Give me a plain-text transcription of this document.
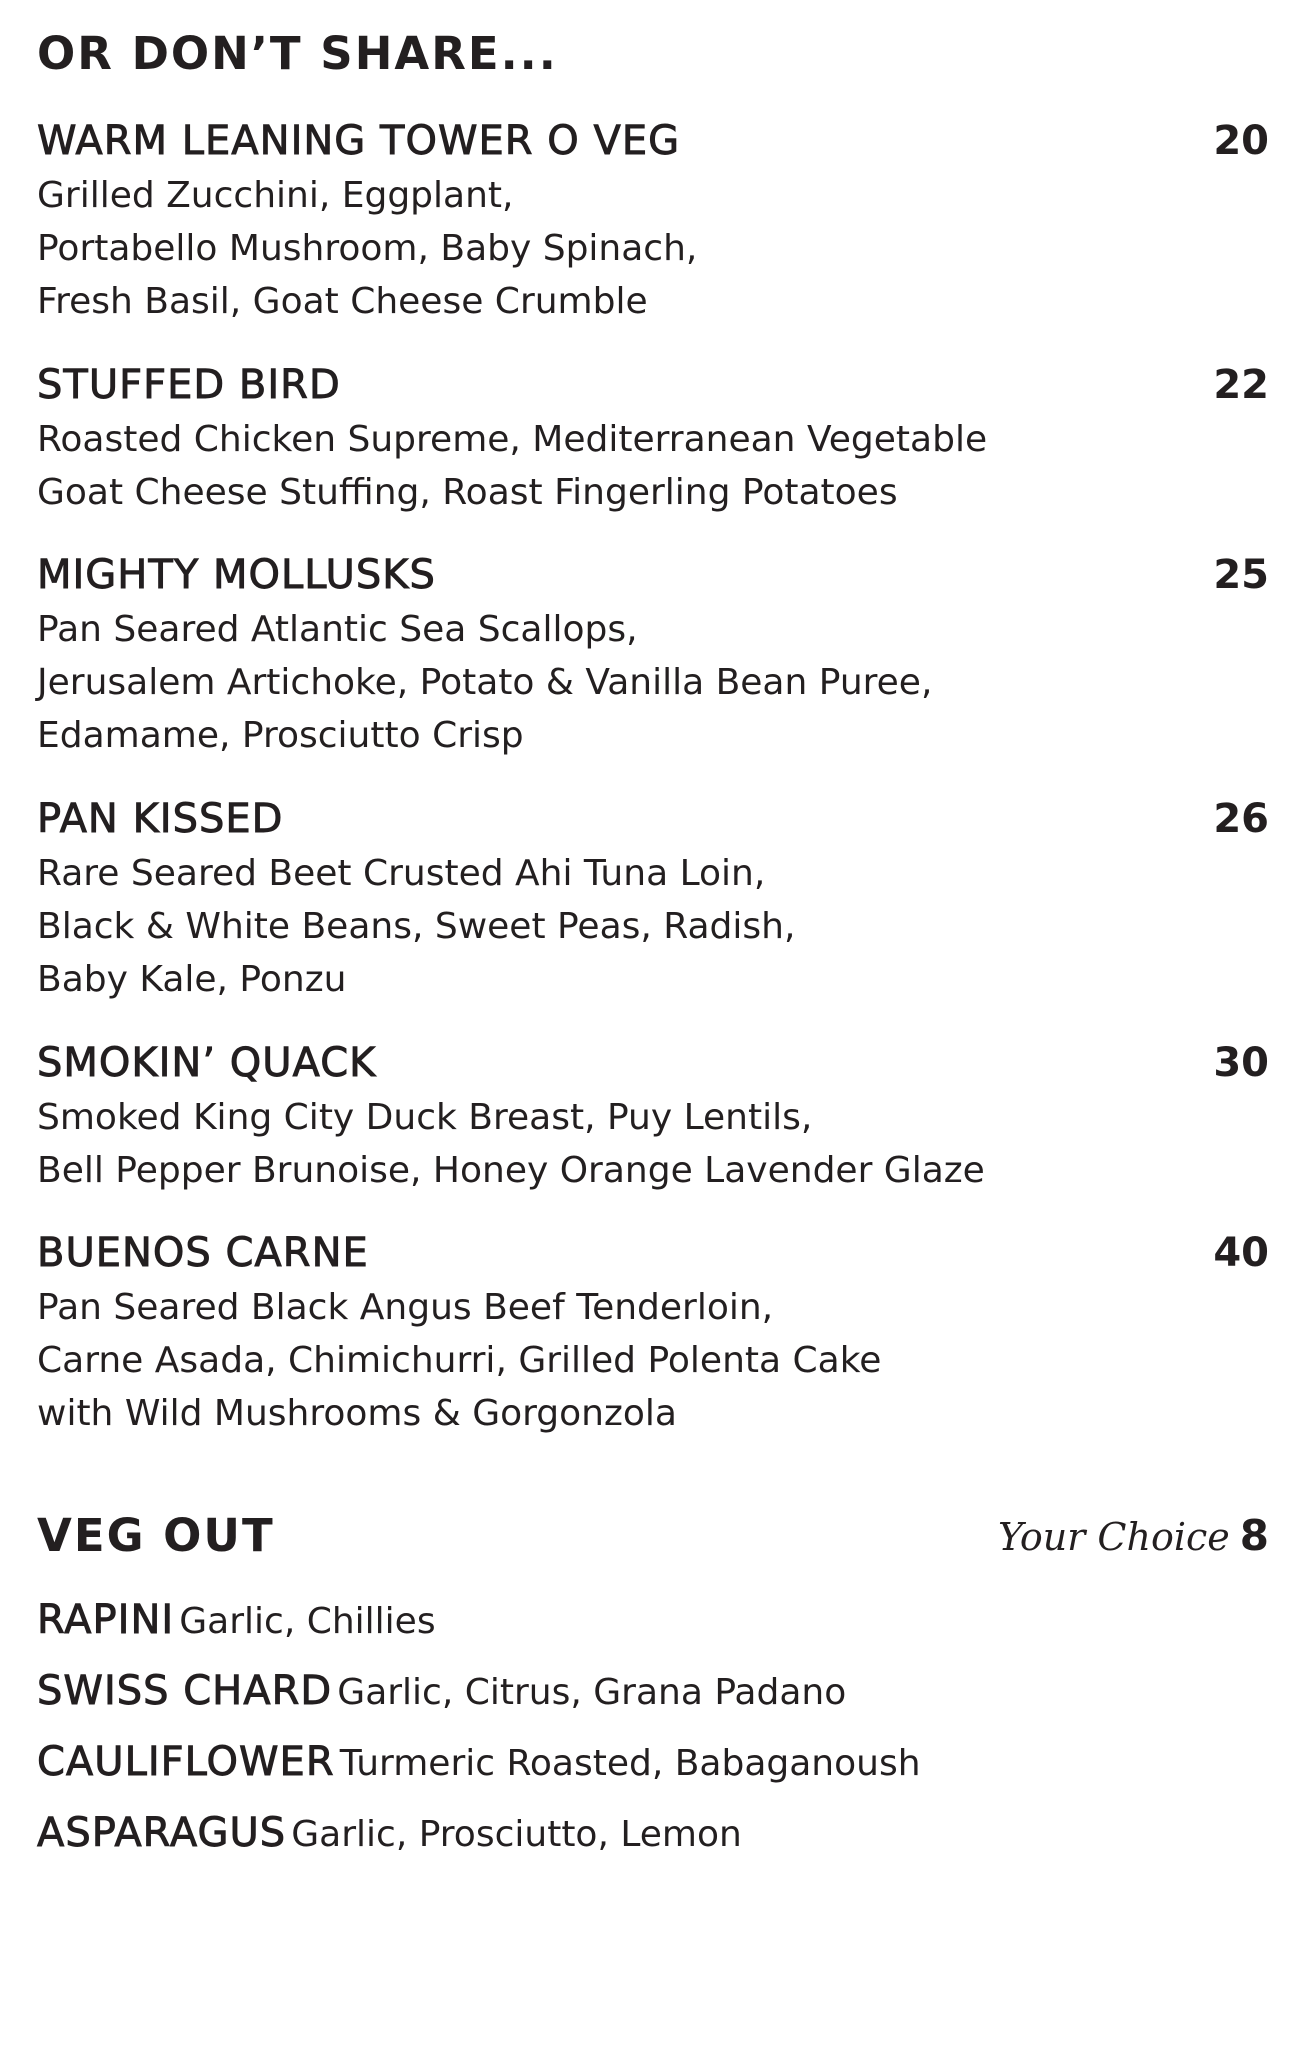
OR DON’T SHARE...
WARM LEANING TOWER O VEG	20

Grilled Zucchini, Eggplant,
Portabello Mushroom, Baby Spinach,
Fresh Basil, Goat Cheese Crumble

STUFFED BIRD	22

Roasted Chicken Supreme, Mediterranean Vegetable
Goat Cheese Stuffing, Roast Fingerling Potatoes

MIGHTY MOLLUSKS	25

Pan Seared Atlantic Sea Scallops,
Jerusalem Artichoke, Potato & Vanilla Bean Puree,
Edamame, Prosciutto Crisp

PAN KISSED	26

Rare Seared Beet Crusted Ahi Tuna Loin,
Black & White Beans, Sweet Peas, Radish,
Baby Kale, Ponzu

SMOKIN’ QUACK	30

Smoked King City Duck Breast, Puy Lentils,
Bell Pepper Brunoise, Honey Orange Lavender Glaze

BUENOS CARNE	40

Pan Seared Black Angus Beef Tenderloin,
Carne Asada, Chimichurri, Grilled Polenta Cake
with Wild Mushrooms & Gorgonzola

VEG OUT	Your Choice 8

RAPINI Garlic, Chillies

SWISS CHARD Garlic, Citrus, Grana Padano

CAULIFLOWER Turmeric Roasted, Babaganoush

ASPARAGUS Garlic, Prosciutto, Lemon
